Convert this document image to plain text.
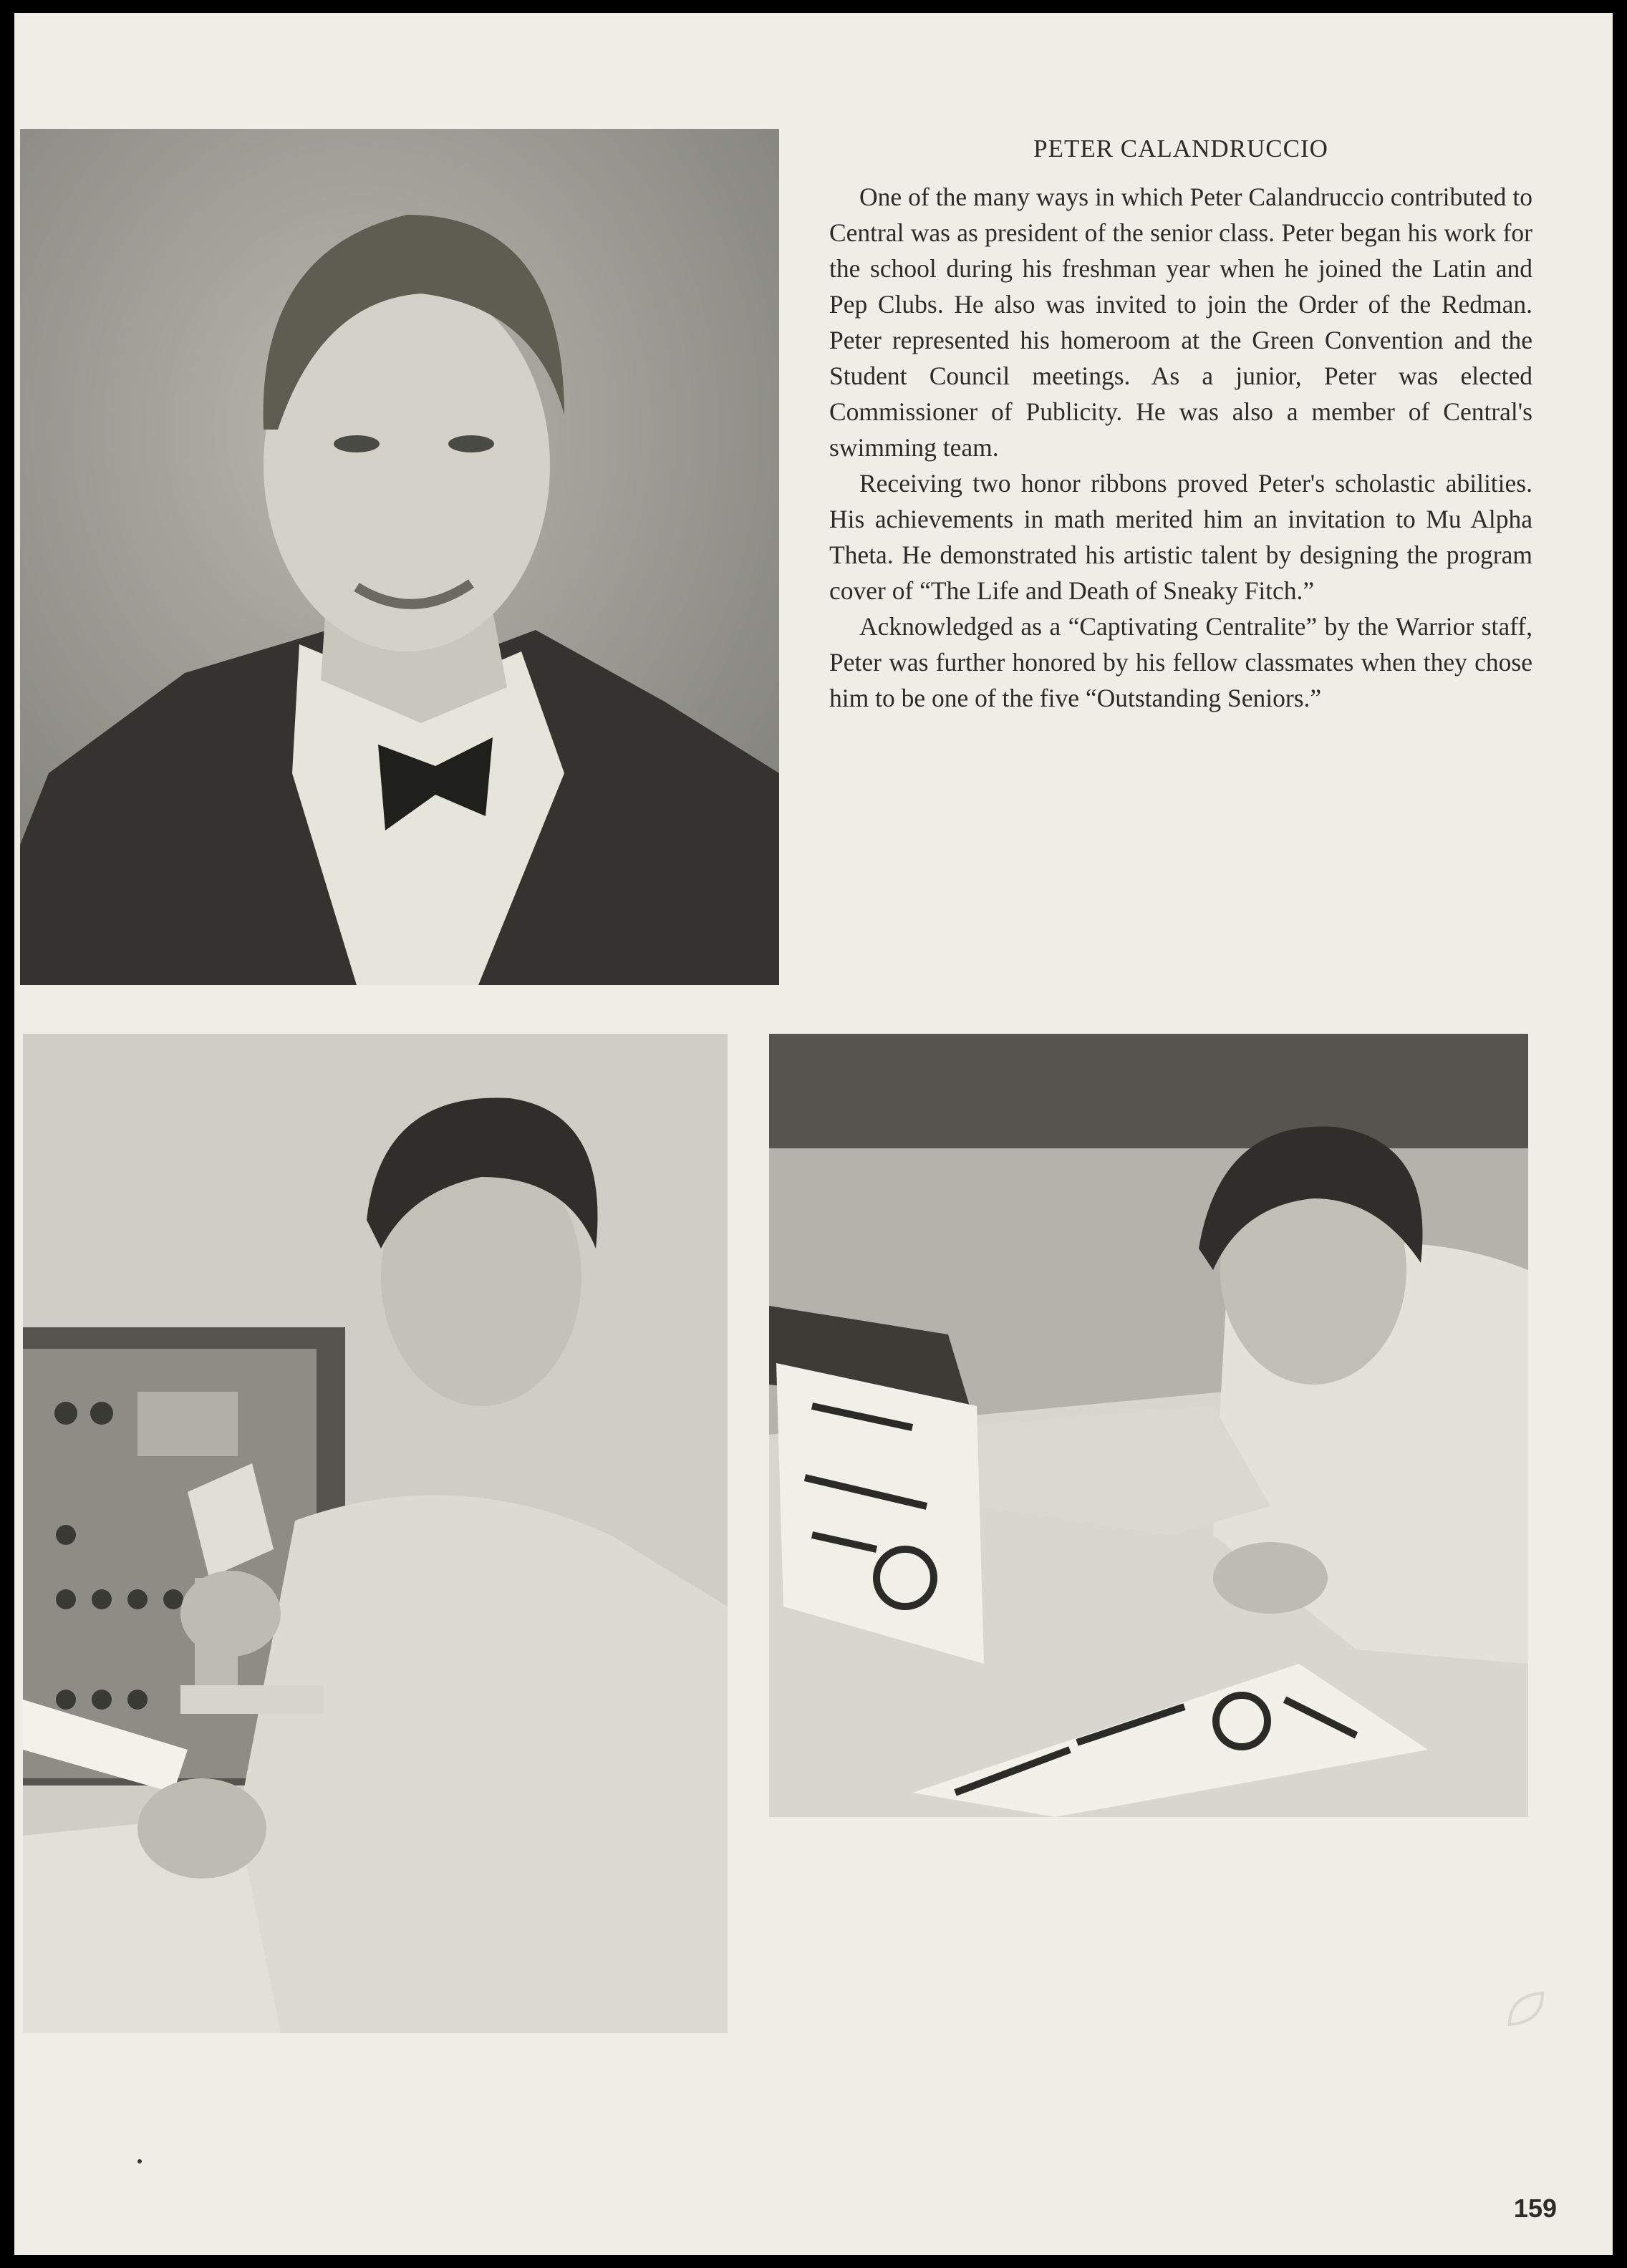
PETER CALANDRUCCIO

One of the many ways in which Peter Calandruccio contributed to Central was as president of the senior class. Peter began his work for the school during his freshman year when he joined the Latin and Pep Clubs. He also was invited to join the Order of the Redman. Peter represented his homeroom at the Green Convention and the Student Council meetings. As a junior, Peter was elected Commissioner of Publicity. He was also a member of Central's swimming team.

Receiving two honor ribbons proved Peter's scholastic abilities. His achievements in math merited him an invitation to Mu Alpha Theta. He demonstrated his artistic talent by designing the program cover of “The Life and Death of Sneaky Fitch.”

Acknowledged as a “Captivating Centralite” by the Warrior staff, Peter was further honored by his fellow classmates when they chose him to be one of the five “Outstanding Seniors.”

159
